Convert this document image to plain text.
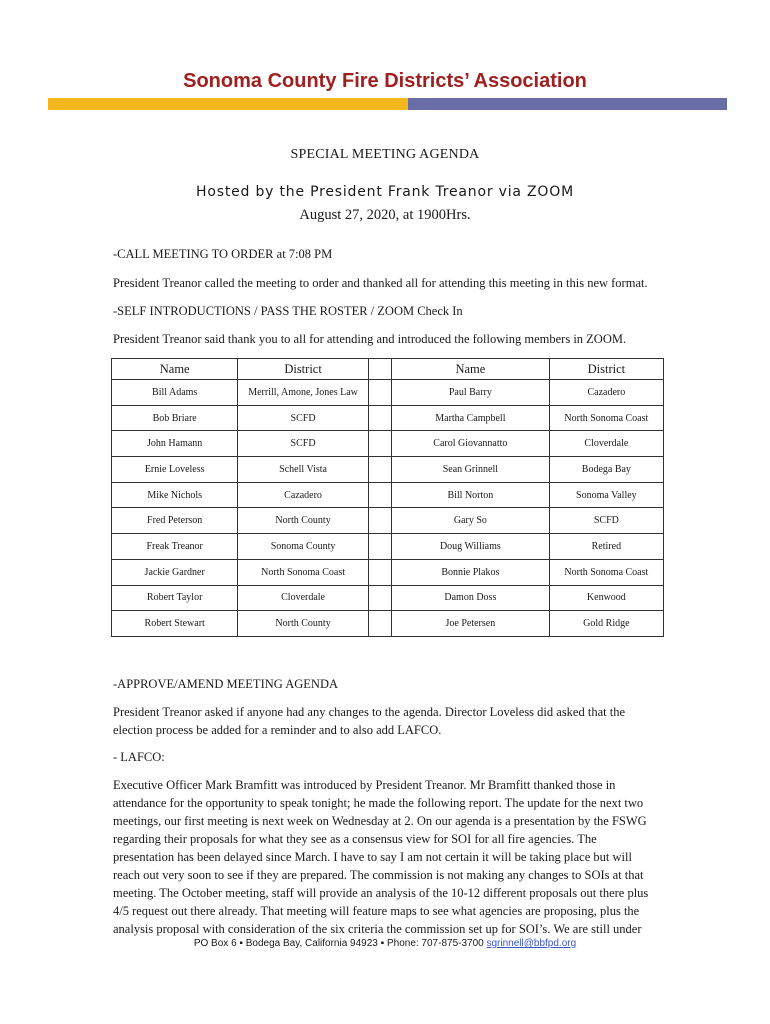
Sonoma County Fire Districts’ Association
SPECIAL MEETING AGENDA
Hosted by the President Frank Treanor via ZOOM
August 27, 2020, at 1900Hrs.
-CALL MEETING TO ORDER at 7:08 PM
President Treanor called the meeting to order and thanked all for attending this meeting in this new format.
-SELF INTRODUCTIONS / PASS THE ROSTER / ZOOM Check In
President Treanor said thank you to all for attending and introduced the following members in ZOOM.
Name	District		Name	District
Bill Adams	Merrill, Amone, Jones Law		Paul Barry	Cazadero
Bob Briare	SCFD		Martha Campbell	North Sonoma Coast
John Hamann	SCFD		Carol Giovannatto	Cloverdale
Ernie Loveless	Schell Vista		Sean Grinnell	Bodega Bay
Mike Nichols	Cazadero		Bill Norton	Sonoma Valley
Fred Peterson	North County		Gary So	SCFD
Freak Treanor	Sonoma County		Doug Williams	Retired
Jackie Gardner	North Sonoma Coast		Bonnie Plakos	North Sonoma Coast
Robert Taylor	Cloverdale		Damon Doss	Kenwood
Robert Stewart	North County		Joe Petersen	Gold Ridge
-APPROVE/AMEND MEETING AGENDA
President Treanor asked if anyone had any changes to the agenda. Director Loveless did asked that the election process be added for a reminder and to also add LAFCO.
- LAFCO:
Executive Officer Mark Bramfitt was introduced by President Treanor. Mr Bramfitt thanked those in attendance for the opportunity to speak tonight; he made the following report. The update for the next two meetings, our first meeting is next week on Wednesday at 2. On our agenda is a presentation by the FSWG regarding their proposals for what they see as a consensus view for SOI for all fire agencies. The presentation has been delayed since March. I have to say I am not certain it will be taking place but will reach out very soon to see if they are prepared. The commission is not making any changes to SOIs at that meeting. The October meeting, staff will provide an analysis of the 10-12 different proposals out there plus 4/5 request out there already. That meeting will feature maps to see what agencies are proposing, plus the analysis proposal with consideration of the six criteria the commission set up for SOI’s. We are still under
PO Box 6 ▪ Bodega Bay, California 94923 ▪ Phone: 707-875-3700 sgrinnell@bbfpd.org
